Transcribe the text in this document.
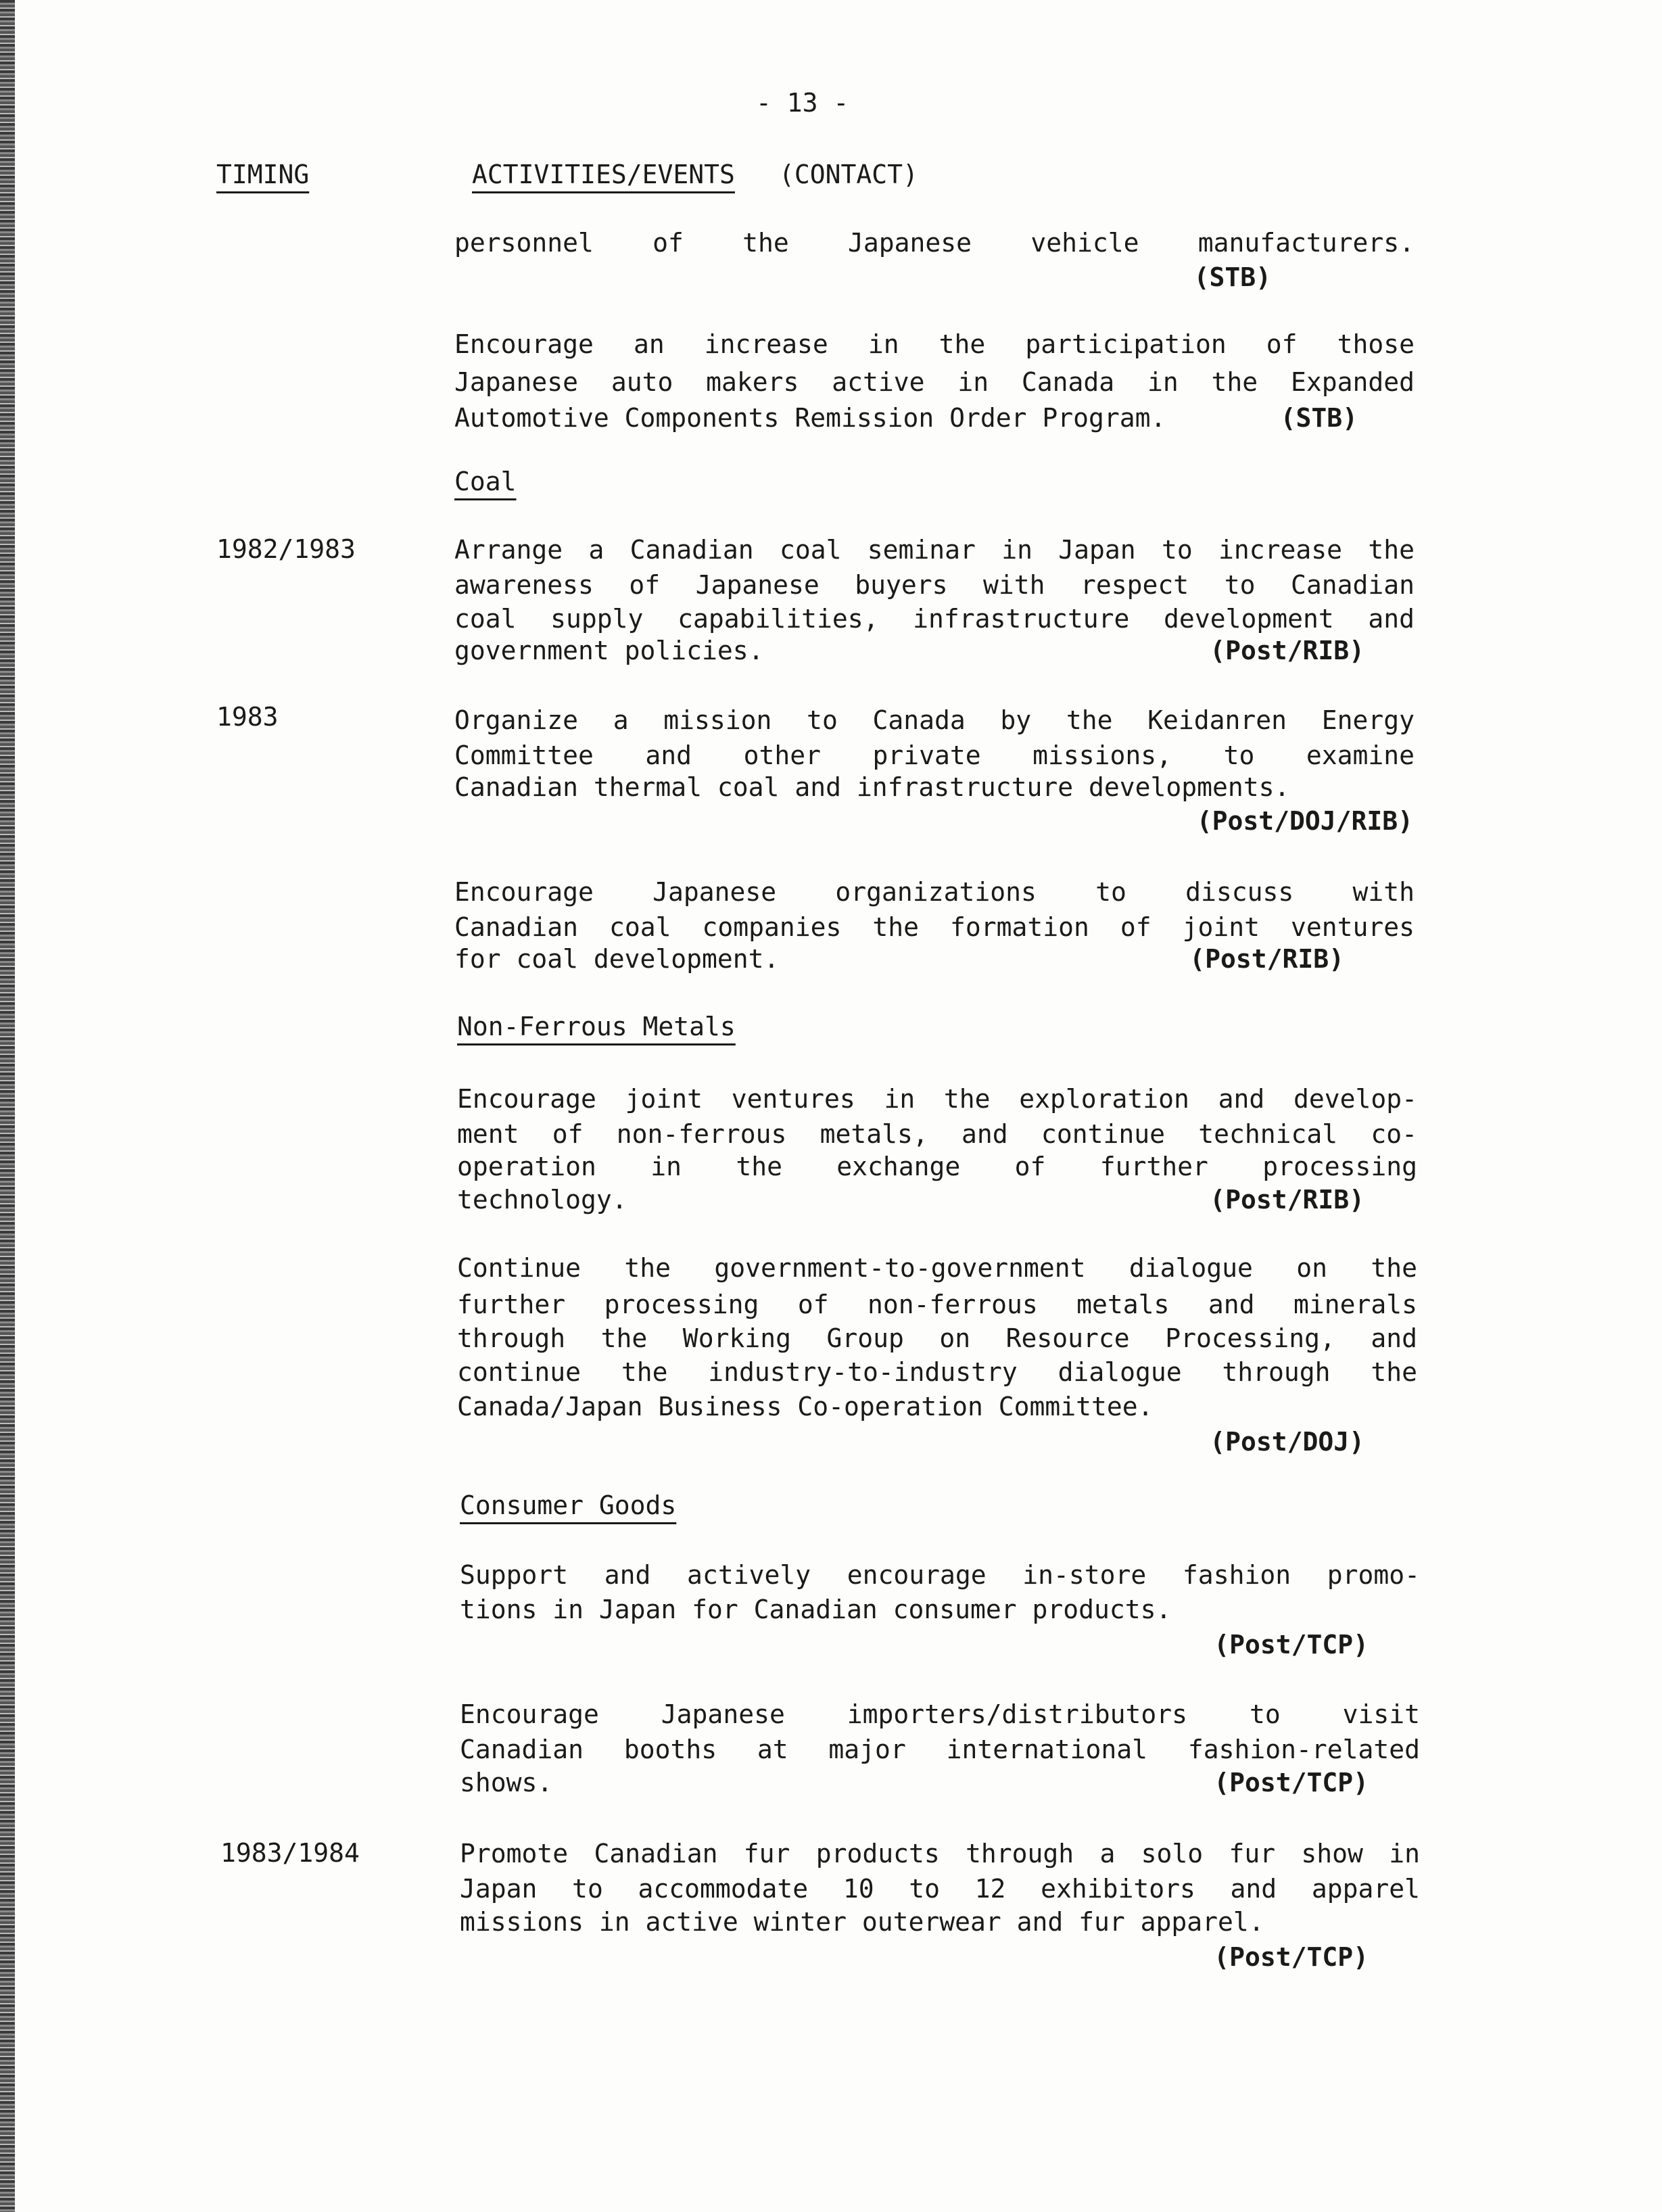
- 13 -
TIMING	ACTIVITIES/EVENTS (CONTACT)
personnel of the Japanese vehicle manufacturers.
(STB)
Encourage an increase in the participation of those
Japanese auto makers active in Canada in the Expanded
Automotive Components Remission Order Program.	(STB)
Coal
1982/1983	Arrange a Canadian coal seminar in Japan to increase the
awareness of Japanese buyers with respect to Canadian
coal supply capabilities, infrastructure development and
government policies.	(Post/RIB)
1983	Organize a mission to Canada by the Keidanren Energy
Committee and other private missions, to examine
Canadian thermal coal and infrastructure developments.
(Post/DOJ/RIB)
Encourage Japanese organizations to discuss with
Canadian coal companies the formation of joint ventures
for coal development.	(Post/RIB)
Non-Ferrous Metals
Encourage joint ventures in the exploration and develop-
ment of non-ferrous metals, and continue technical co-
operation in the exchange of further processing
technology.	(Post/RIB)
Continue the government-to-government dialogue on the
further processing of non-ferrous metals and minerals
through the Working Group on Resource Processing, and
continue the industry-to-industry dialogue through the
Canada/Japan Business Co-operation Committee.
(Post/DOJ)
Consumer Goods
Support and actively encourage in-store fashion promo-
tions in Japan for Canadian consumer products.
(Post/TCP)
Encourage Japanese importers/distributors to visit
Canadian booths at major international fashion-related
shows.	(Post/TCP)
1983/1984	Promote Canadian fur products through a solo fur show in
Japan to accommodate 10 to 12 exhibitors and apparel
missions in active winter outerwear and fur apparel.
(Post/TCP)
